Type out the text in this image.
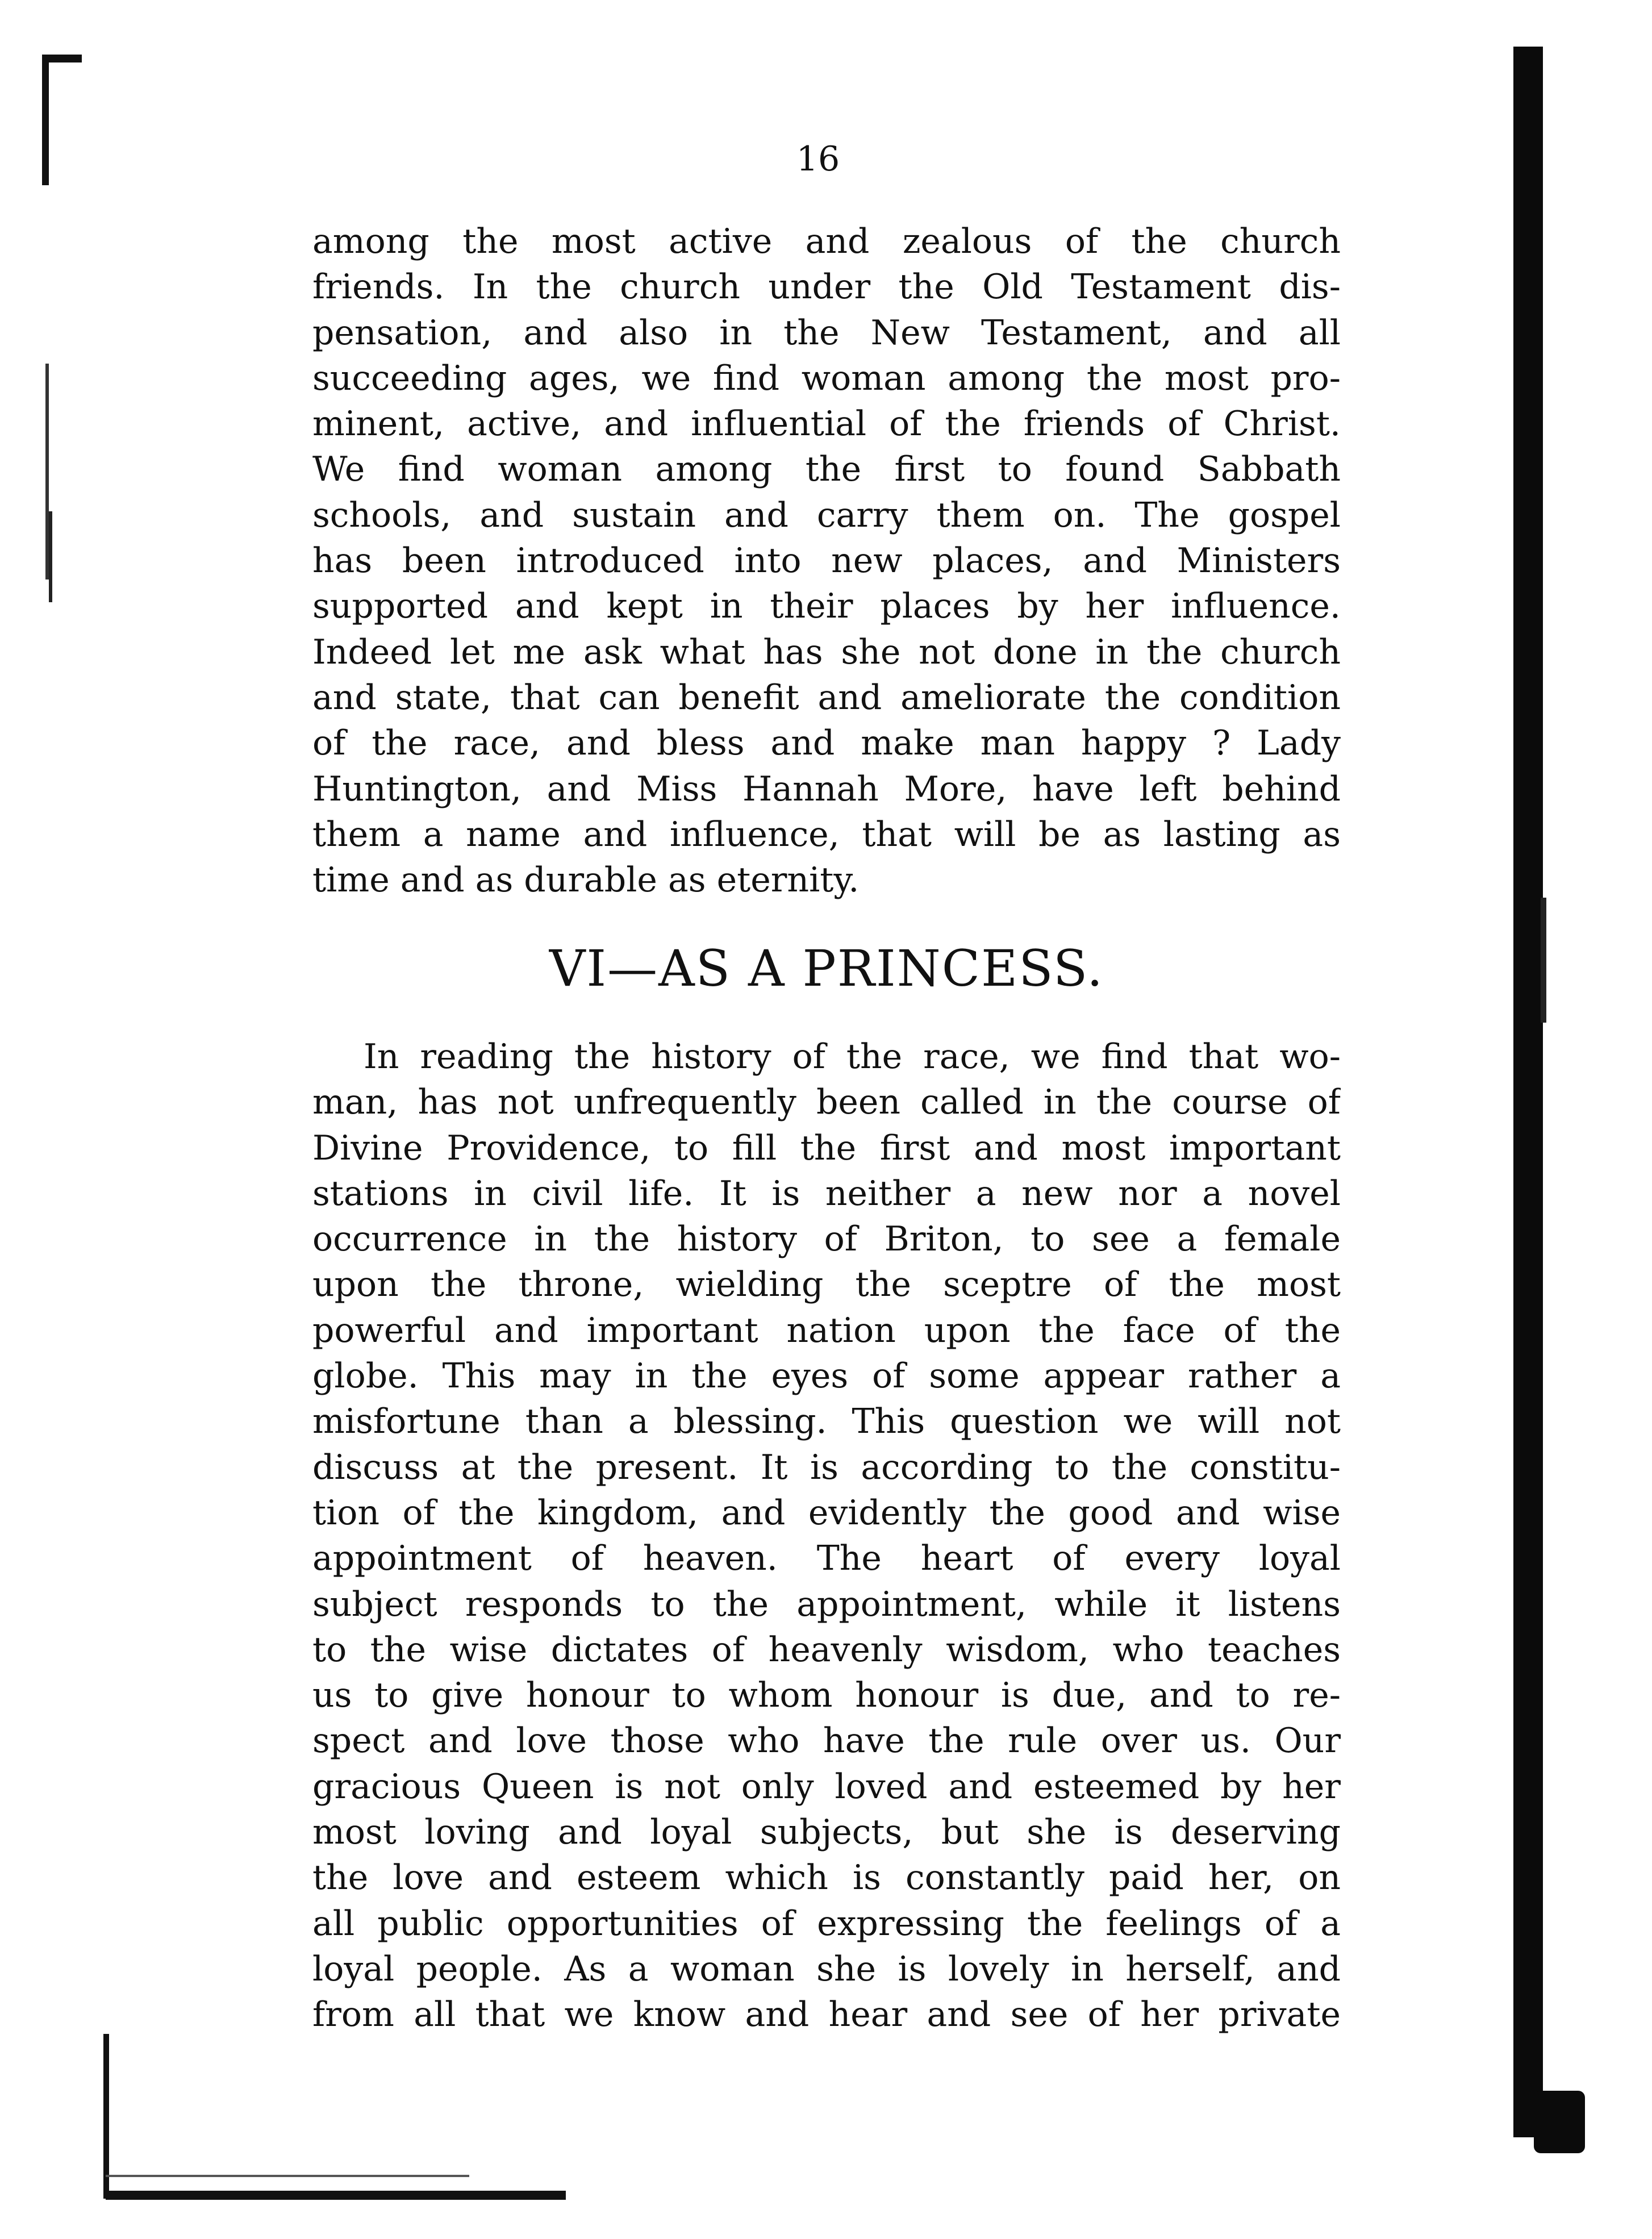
16
among the most active and zealous of the church
friends. In the church under the Old Testament dis-
pensation, and also in the New Testament, and all
succeeding ages, we find woman among the most pro-
minent, active, and influential of the friends of Christ.
We find woman among the first to found Sabbath
schools, and sustain and carry them on. The gospel
has been introduced into new places, and Ministers
supported and kept in their places by her influence.
Indeed let me ask what has she not done in the church
and state, that can benefit and ameliorate the condition
of the race, and bless and make man happy ? Lady
Huntington, and Miss Hannah More, have left behind
them a name and influence, that will be as lasting as
time and as durable as eternity.
VI—AS A PRINCESS.
In reading the history of the race, we find that wo-
man, has not unfrequently been called in the course of
Divine Providence, to fill the first and most important
stations in civil life. It is neither a new nor a novel
occurrence in the history of Briton, to see a female
upon the throne, wielding the sceptre of the most
powerful and important nation upon the face of the
globe. This may in the eyes of some appear rather a
misfortune than a blessing. This question we will not
discuss at the present. It is according to the constitu-
tion of the kingdom, and evidently the good and wise
appointment of heaven. The heart of every loyal
subject responds to the appointment, while it listens
to the wise dictates of heavenly wisdom, who teaches
us to give honour to whom honour is due, and to re-
spect and love those who have the rule over us. Our
gracious Queen is not only loved and esteemed by her
most loving and loyal subjects, but she is deserving
the love and esteem which is constantly paid her, on
all public opportunities of expressing the feelings of a
loyal people. As a woman she is lovely in herself, and
from all that we know and hear and see of her private
